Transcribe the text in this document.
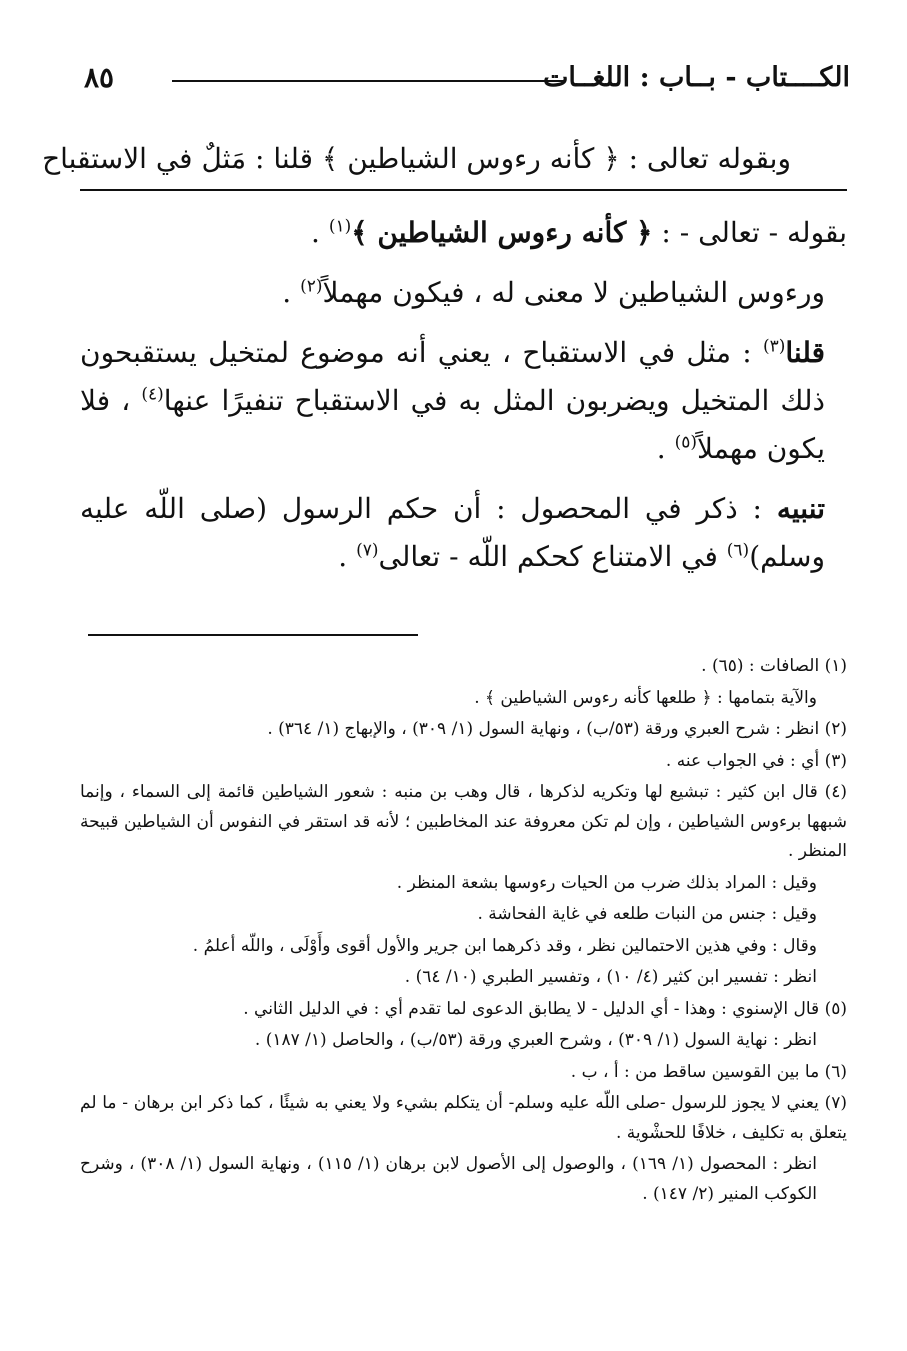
الكــــتاب - بــاب : اللغــات
٨٥

وبقوله تعالى : ﴿ كأنه رءوس الشياطين ﴾ قلنا : مَثلٌ في الاستقباح

بقوله - تعالى - : ﴿ كأنه رءوس الشياطين ﴾$^{(١)}$ .

ورءوس الشياطين لا معنى له ، فيكون مهملاً$^{(٢)}$ .

قلنا$^{(٣)}$ : مثل في الاستقباح ، يعني أنه موضوع لمتخيل يستقبحون ذلك المتخيل ويضربون المثل به في الاستقباح تنفيرًا عنها$^{(٤)}$ ، فلا يكون مهملاً$^{(٥)}$ .

تنبيه : ذكر في المحصول : أن حكم الرسول (صلى اللّه عليه وسلم)$^{(٦)}$ في الامتناع كحكم اللّه - تعالى$^{(٧)}$ .

(١) الصافات : (٦٥) .

والآية بتمامها : ﴿ طلعها كأنه رءوس الشياطين ﴾ .

(٢) انظر : شرح العبري ورقة (٥٣/ب) ، ونهاية السول (١/ ٣٠٩) ، والإبهاج (١/ ٣٦٤) .

(٣) أي : في الجواب عنه .

(٤) قال ابن كثير : تبشيع لها وتكريه لذكرها ، قال وهب بن منبه : شعور الشياطين قائمة إلى السماء ، وإنما شبهها برءوس الشياطين ، وإن لم تكن معروفة عند المخاطبين ؛ لأنه قد استقر في النفوس أن الشياطين قبيحة المنظر .

وقيل : المراد بذلك ضرب من الحيات رءوسها بشعة المنظر .

وقيل : جنس من النبات طلعه في غاية الفحاشة .

وقال : وفي هذين الاحتمالين نظر ، وقد ذكرهما ابن جرير والأول أقوى وأَوْلَى ، واللّه أعلمُ .

انظر : تفسير ابن كثير (٤/ ١٠) ، وتفسير الطبري (١٠/ ٦٤) .

(٥) قال الإسنوي : وهذا - أي الدليل - لا يطابق الدعوى لما تقدم أي : في الدليل الثاني .

انظر : نهاية السول (١/ ٣٠٩) ، وشرح العبري ورقة (٥٣/ب) ، والحاصل (١/ ١٨٧) .

(٦) ما بين القوسين ساقط من : أ ، ب .

(٧) يعني لا يجوز للرسول -صلى اللّه عليه وسلم- أن يتكلم بشيء ولا يعني به شيئًا ، كما ذكر ابن برهان - ما لم يتعلق به تكليف ، خلافًا للحشْوية .

انظر : المحصول (١/ ١٦٩) ، والوصول إلى الأصول لابن برهان (١/ ١١٥) ، ونهاية السول (١/ ٣٠٨) ، وشرح الكوكب المنير (٢/ ١٤٧) .
